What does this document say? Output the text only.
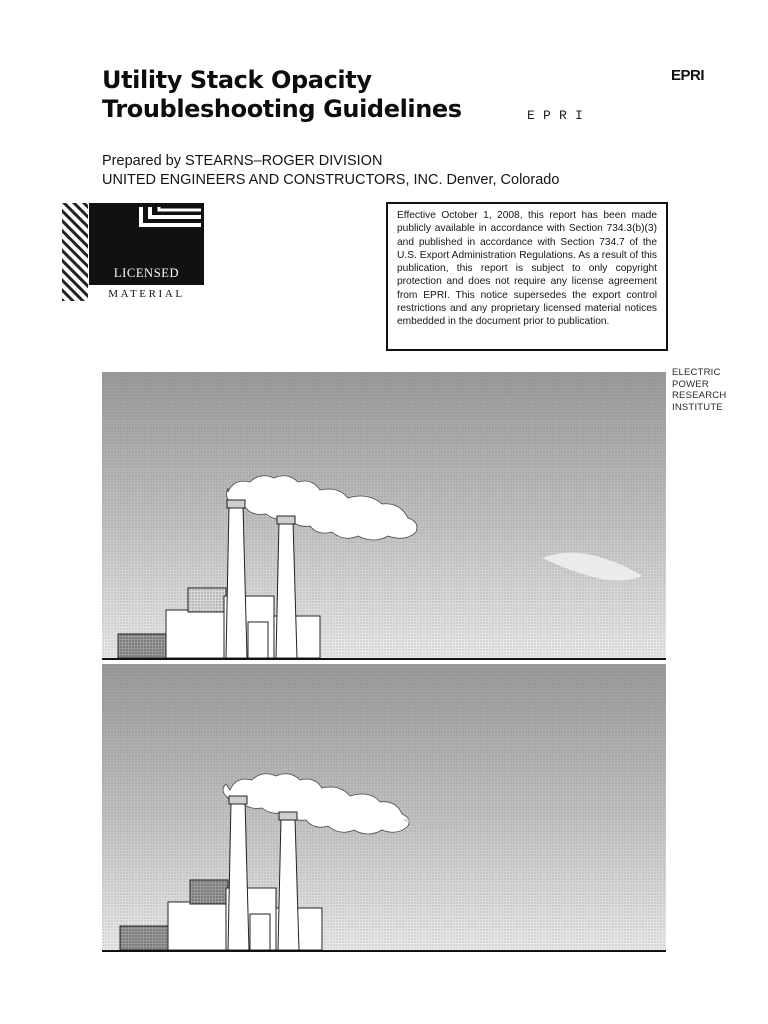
Utility Stack Opacity
Troubleshooting Guidelines
EPRI
E P R I
Prepared by STEARNS–ROGER DIVISION
UNITED ENGINEERS AND CONSTRUCTORS, INC. Denver, Colorado
LICENSED
MATERIAL

Effective October 1, 2008, this report has been made publicly available in accordance with Section 734.3(b)(3) and published in accordance with Section 734.7 of the U.S. Export Administration Regulations. As a result of this publication, this report is subject to only copyright protection and does not require any license agreement from EPRI. This notice supersedes the export control restrictions and any proprietary licensed material notices embedded in the document prior to publication.

ELECTRIC
POWER
RESEARCH
INSTITUTE
